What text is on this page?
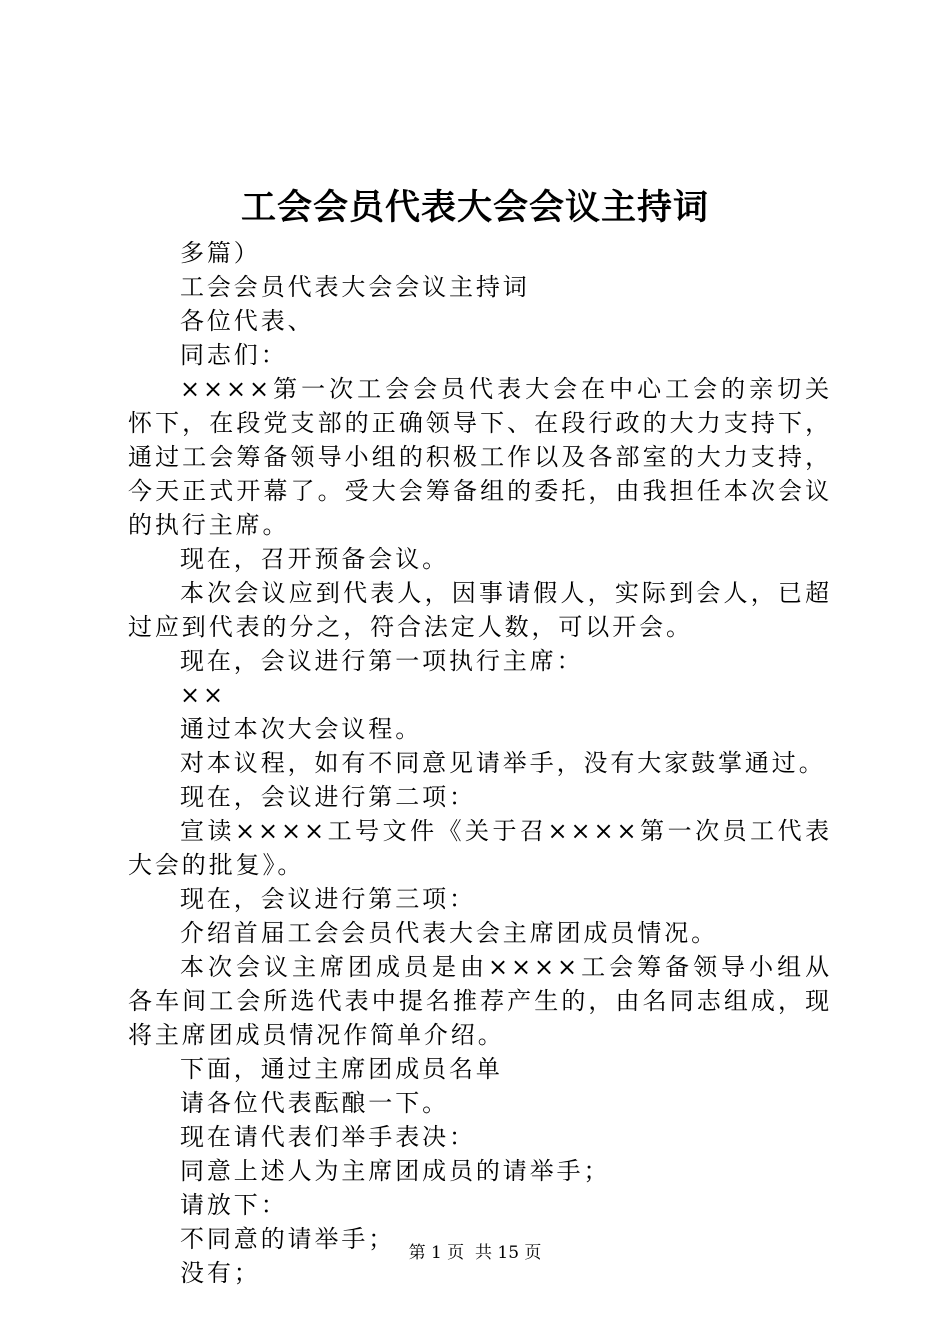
工会会员代表大会会议主持词

多篇）

工会会员代表大会会议主持词

各位代表、

同志们：

××××第一次工会会员代表大会在中心工会的亲切关怀下，在段党支部的正确领导下、在段行政的大力支持下，通过工会筹备领导小组的积极工作以及各部室的大力支持，今天正式开幕了。受大会筹备组的委托，由我担任本次会议的执行主席。

现在，召开预备会议。

本次会议应到代表人，因事请假人，实际到会人，已超过应到代表的分之，符合法定人数，可以开会。

现在，会议进行第一项执行主席：

××

通过本次大会议程。

对本议程，如有不同意见请举手，没有大家鼓掌通过。

现在，会议进行第二项：

宣读××××工号文件《关于召××××第一次员工代表大会的批复》。

现在，会议进行第三项：

介绍首届工会会员代表大会主席团成员情况。

本次会议主席团成员是由××××工会筹备领导小组从各车间工会所选代表中提名推荐产生的，由名同志组成，现将主席团成员情况作简单介绍。

下面，通过主席团成员名单

请各位代表酝酿一下。

现在请代表们举手表决：

同意上述人为主席团成员的请举手；

请放下：

不同意的请举手；

没有；

第 1 页  共 15 页
